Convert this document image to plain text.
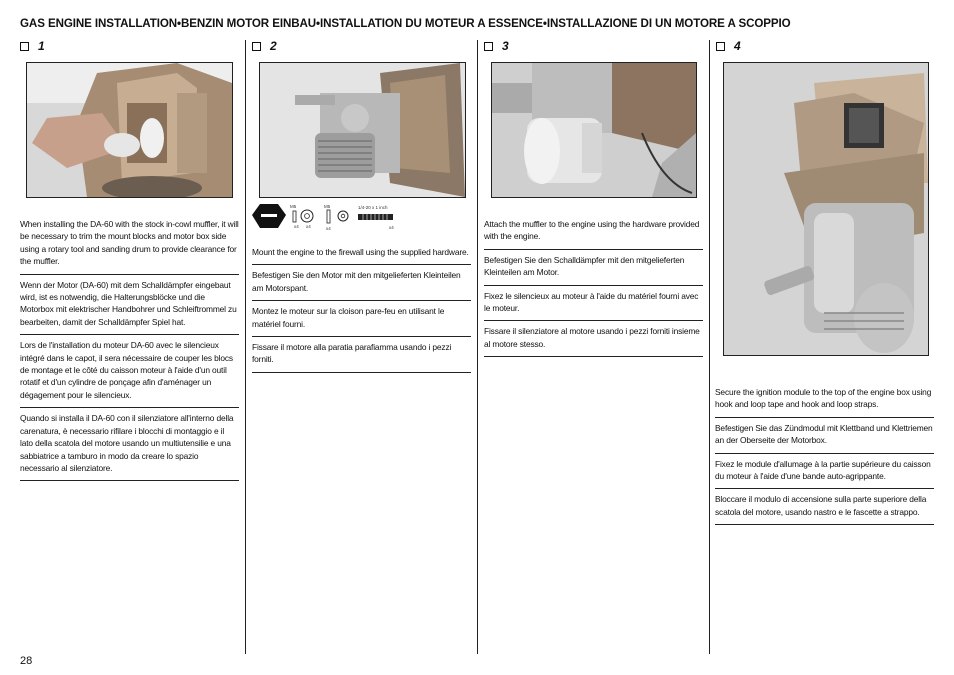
GAS ENGINE INSTALLATION•BENZIN MOTOR EINBAU•INSTALLATION DU MOTEUR A ESSENCE•INSTALLAZIONE DI UN MOTORE A SCOPPIO
1
When installing the DA-60 with the stock in-cowl muffler, it will be necessary to trim the mount blocks and motor box side using a rotary tool and sanding drum to provide clearance for the muffler.
Wenn der Motor (DA-60) mit dem Schalldämpfer eingebaut wird, ist es notwendig, die Halterungsblöcke und die Motorbox mit elektrischer Handbohrer und Schleiftrommel zu bearbeiten, damit der Schalldämpfer Spiel hat.
Lors de l'installation du moteur DA-60 avec le silencieux intégré dans le capot, il sera nécessaire de couper les blocs de montage et le côté du caisson moteur à l'aide d'un outil rotatif et d'un cylindre de ponçage afin d'aménager un dégagement pour le silencieux.
Quando si installa il DA-60 con il silenziatore all'interno della carenatura, è necessario rifilare i blocchi di montaggio e il lato della scatola del motore usando un multiutensilie e una sabbiatrice a tamburo in modo da creare lo spazio necessario al silenziatore.
2
M5
x4 x4
M5
x4
1/4-20 x 1 inch
x4
Mount the engine to the firewall using the supplied hardware.
Befestigen Sie den Motor mit den mitgelieferten Kleinteilen am Motorspant.
Montez le moteur sur la cloison pare-feu en utilisant le matériel fourni.
Fissare il motore alla paratia parafiamma usando i pezzi forniti.
3
Attach the muffler to the engine using the hardware provided with the engine.
Befestigen Sie den Schalldämpfer mit den mitgelieferten Kleinteilen am Motor.
Fixez le silencieux au moteur à l'aide du matériel fourni avec le moteur.
Fissare il silenziatore al motore usando i pezzi forniti insieme al motore stesso.
4
Secure the ignition module to the top of the engine box using hook and loop tape and hook and loop straps.
Befestigen Sie das Zündmodul mit Klettband und Klettriemen an der Oberseite der Motorbox.
Fixez le module d'allumage à la partie supérieure du caisson du moteur à l'aide d'une bande auto-agrippante.
Bloccare il modulo di accensione sulla parte superiore della scatola del motore, usando nastro e le fascette a strappo.
28
